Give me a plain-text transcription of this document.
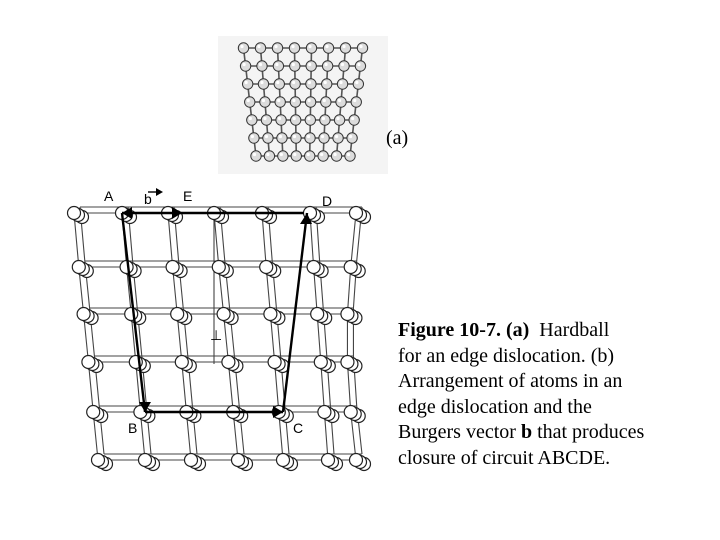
(a)
A b E	D
B	C
⊥	Figure 10-7. (a) Hardball
for an edge dislocation. (b)
Arrangement of atoms in an
edge dislocation and the
Burgers vector b that produces
closure of circuit ABCDE.
